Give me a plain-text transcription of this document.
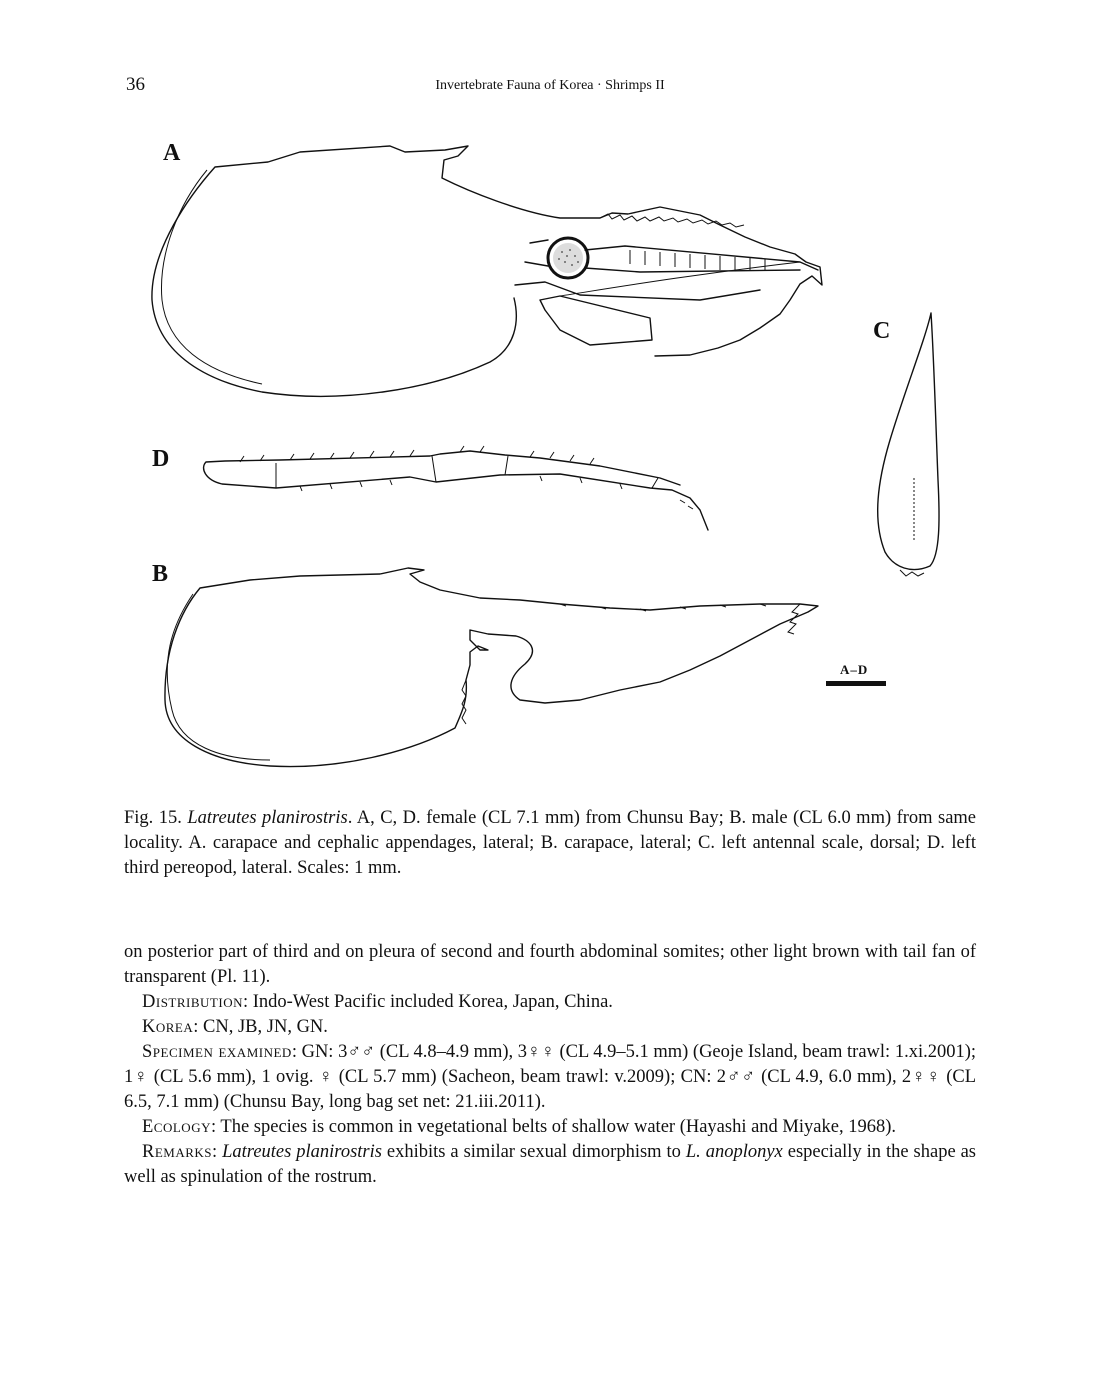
36	Invertebrate Fauna of Korea · Shrimps II
A
C
D
B
A–D
Fig. 15. Latreutes planirostris. A, C, D. female (CL 7.1 mm) from Chunsu Bay; B. male (CL 6.0 mm) from same locality. A. carapace and cephalic appendages, lateral; B. carapace, lateral; C. left antennal scale, dorsal; D. left third pereopod, lateral. Scales: 1 mm.

on posterior part of third and on pleura of second and fourth abdominal somites; other light brown with tail fan of transparent (Pl. 11).

Distribution: Indo-West Pacific included Korea, Japan, China.

Korea: CN, JB, JN, GN.

Specimen examined: GN: 3♂♂ (CL 4.8–4.9 mm), 3♀♀ (CL 4.9–5.1 mm) (Geoje Island, beam trawl: 1.xi.2001); 1♀ (CL 5.6 mm), 1 ovig. ♀ (CL 5.7 mm) (Sacheon, beam trawl: v.2009); CN: 2♂♂ (CL 4.9, 6.0 mm), 2♀♀ (CL 6.5, 7.1 mm) (Chunsu Bay, long bag set net: 21.iii.2011).

Ecology: The species is common in vegetational belts of shallow water (Hayashi and Miyake, 1968).

Remarks: Latreutes planirostris exhibits a similar sexual dimorphism to L. anoplonyx especially in the shape as well as spinulation of the rostrum.
